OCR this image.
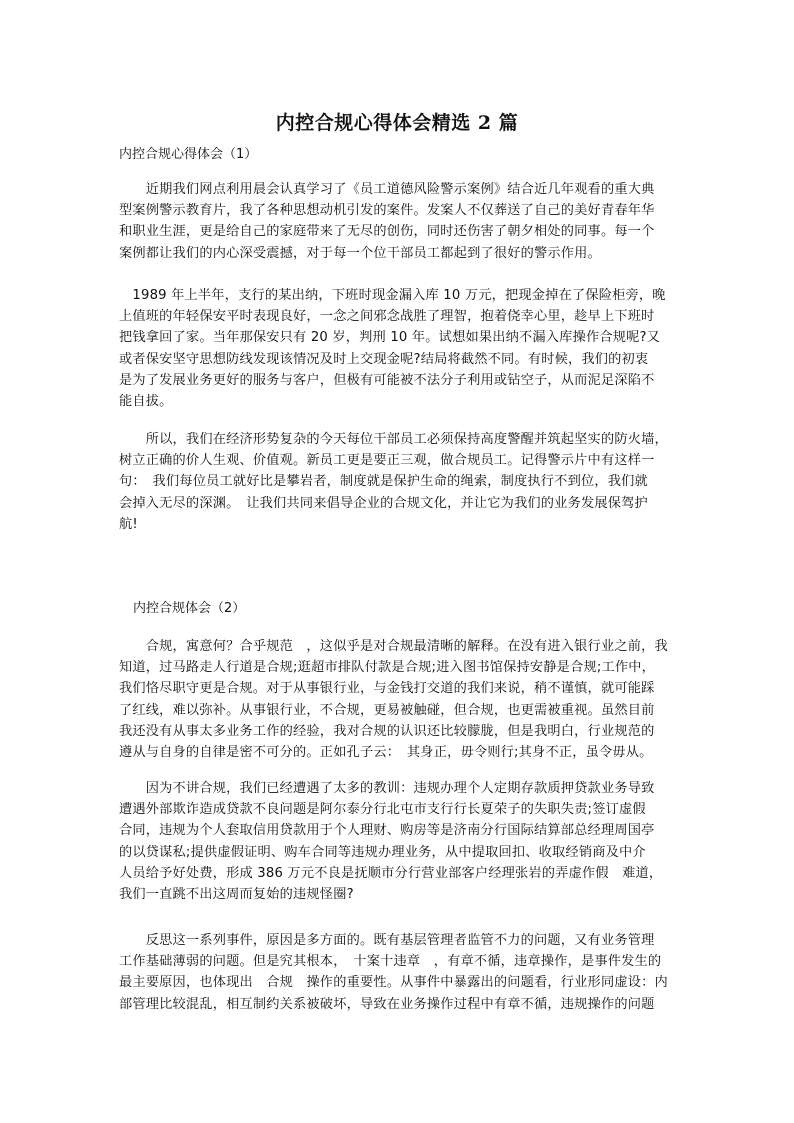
内控合规心得体会精选 2 篇
内控合规心得体会（1）
　　近期我们网点利用晨会认真学习了《员工道德风险警示案例》结合近几年观看的重大典
型案例警示教育片，我了各种思想动机引发的案件。发案人不仅葬送了自己的美好青春年华
和职业生涯，更是给自己的家庭带来了无尽的创伤，同时还伤害了朝夕相处的同事。每一个
案例都让我们的内心深受震撼，对于每一个位干部员工都起到了很好的警示作用。
　1989 年上半年，支行的某出纳，下班时现金漏入库 10 万元，把现金掉在了保险柜旁，晚
上值班的年轻保安平时表现良好，一念之间邪念战胜了理智，抱着侥幸心里，趁早上下班时
把钱拿回了家。当年那保安只有 20 岁，判刑 10 年。试想如果出纳不漏入库操作合规呢?又
或者保安坚守思想防线发现该情况及时上交现金呢?结局将截然不同。有时候，我们的初衷
是为了发展业务更好的服务与客户，但极有可能被不法分子利用或钻空子，从而泥足深陷不
能自拔。
　　所以，我们在经济形势复杂的今天每位干部员工必须保持高度警醒并筑起坚实的防火墙，
树立正确的价人生观、价值观。新员工更是要正三观，做合规员工。记得警示片中有这样一
句：　我们每位员工就好比是攀岩者，制度就是保护生命的绳索，制度执行不到位，我们就
会掉入无尽的深渊。　让我们共同来倡导企业的合规文化，并让它为我们的业务发展保驾护
航!
内控合规体会（2）
　　合规，寓意何？合乎规范　，这似乎是对合规最清晰的解释。在没有进入银行业之前，我
知道，过马路走人行道是合规;逛超市排队付款是合规;进入图书馆保持安静是合规;工作中，
我们恪尽职守更是合规。对于从事银行业，与金钱打交道的我们来说，稍不谨慎，就可能踩
了红线，难以弥补。从事银行业，不合规，更易被触碰，但合规，也更需被重视。虽然目前
我还没有从事太多业务工作的经验，我对合规的认识还比较朦胧，但是我明白，行业规范的
遵从与自身的自律是密不可分的。正如孔子云：　其身正，毋令则行;其身不正，虽令毋从。
　　因为不讲合规，我们已经遭遇了太多的教训：违规办理个人定期存款质押贷款业务导致
遭遇外部欺诈造成贷款不良问题是阿尔泰分行北屯市支行行长夏荣子的失职失责;签订虚假
合同，违规为个人套取信用贷款用于个人理财、购房等是济南分行国际结算部总经理周国亭
的以贷谋私;提供虚假证明、购车合同等违规办理业务，从中提取回扣、收取经销商及中介
人员给予好处费，形成 386 万元不良是抚顺市分行营业部客户经理张岩的弄虚作假　难道，
我们一直跳不出这周而复始的违规怪圈?
　　反思这一系列事件，原因是多方面的。既有基层管理者监管不力的问题，又有业务管理
工作基础薄弱的问题。但是究其根本，　十案十违章　，有章不循，违章操作，是事件发生的
最主要原因，也体现出　合规　操作的重要性。从事件中暴露出的问题看，行业形同虚设：内
部管理比较混乱，相互制约关系被破坏，导致在业务操作过程中有章不循，违规操作的问题
